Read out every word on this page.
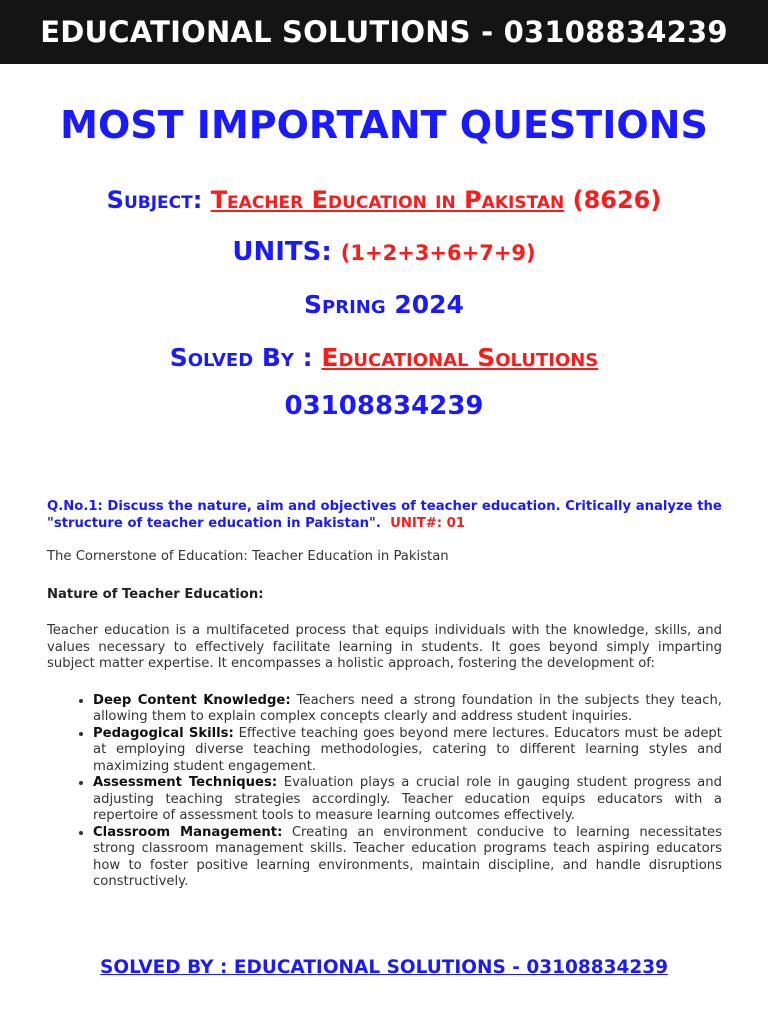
EDUCATIONAL SOLUTIONS - 03108834239
MOST IMPORTANT QUESTIONS
Subject: Teacher Education in Pakistan (8626)
UNITS: (1+2+3+6+7+9)
Spring 2024
Solved By : Educational Solutions
03108834239

Q.No.1: Discuss the nature, aim and objectives of teacher education. Critically analyze the "structure of teacher education in Pakistan". UNIT#: 01

The Cornerstone of Education: Teacher Education in Pakistan

Nature of Teacher Education:

Teacher education is a multifaceted process that equips individuals with the knowledge, skills, and values necessary to effectively facilitate learning in students. It goes beyond simply imparting subject matter expertise. It encompasses a holistic approach, fostering the development of:

• Deep Content Knowledge: Teachers need a strong foundation in the subjects they teach, allowing them to explain complex concepts clearly and address student inquiries.
• Pedagogical Skills: Effective teaching goes beyond mere lectures. Educators must be adept at employing diverse teaching methodologies, catering to different learning styles and maximizing student engagement.
• Assessment Techniques: Evaluation plays a crucial role in gauging student progress and adjusting teaching strategies accordingly. Teacher education equips educators with a repertoire of assessment tools to measure learning outcomes effectively.
• Classroom Management: Creating an environment conducive to learning necessitates strong classroom management skills. Teacher education programs teach aspiring educators how to foster positive learning environments, maintain discipline, and handle disruptions constructively.
SOLVED BY : EDUCATIONAL SOLUTIONS - 03108834239
